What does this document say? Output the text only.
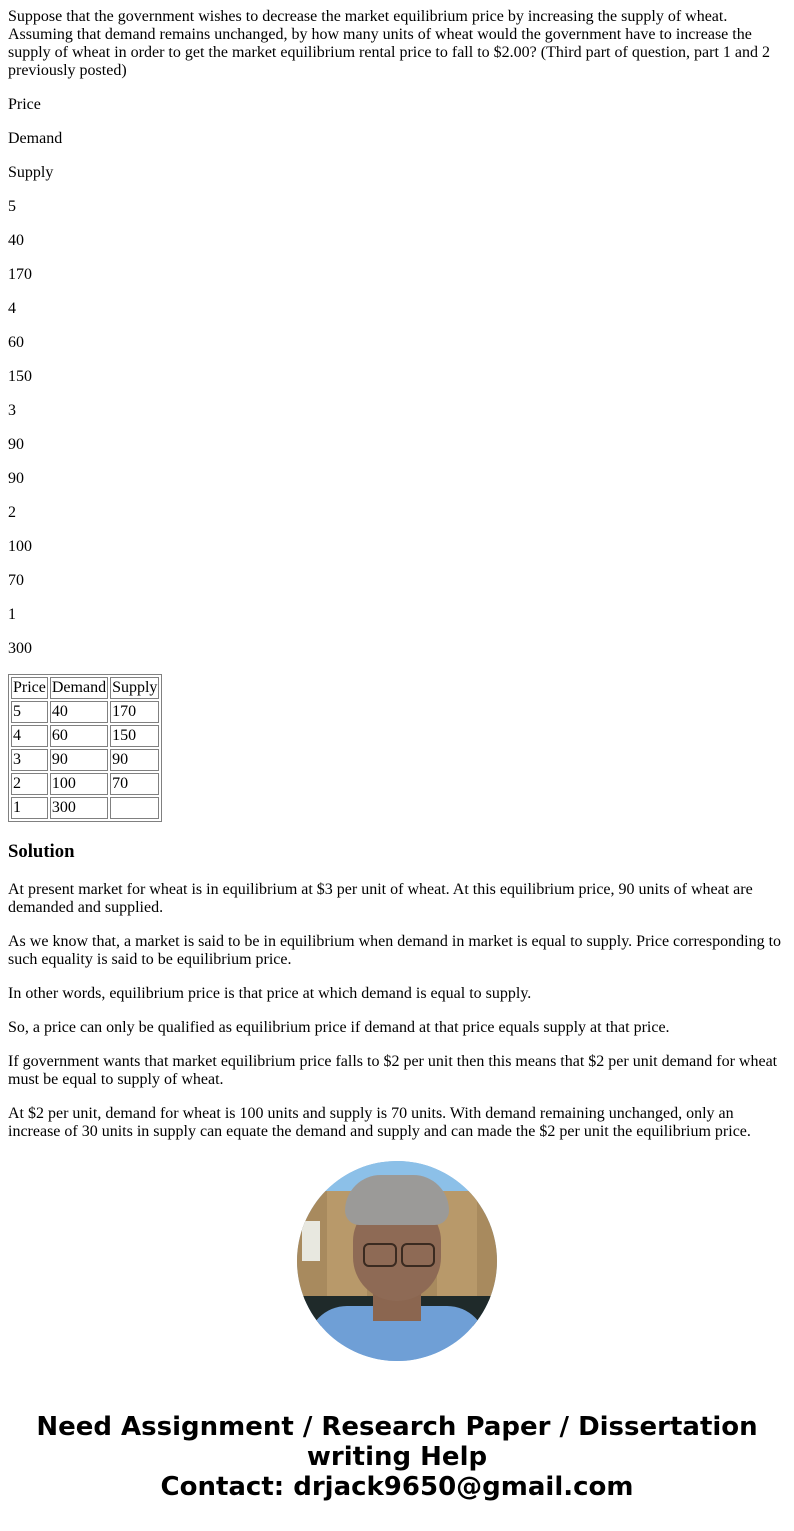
Suppose that the government wishes to decrease the market equilibrium price by increasing the supply of wheat. Assuming that demand remains unchanged, by how many units of wheat would the government have to increase the supply of wheat in order to get the market equilibrium rental price to fall to $2.00? (Third part of question, part 1 and 2 previously posted)

Price

Demand

Supply

5

40

170

4

60

150

3

90

90

2

100

70

1

300

Price	Demand	Supply
5	40	170
4	60	150
3	90	90
2	100	70
1	300	
Solution

At present market for wheat is in equilibrium at $3 per unit of wheat. At this equilibrium price, 90 units of wheat are demanded and supplied.

As we know that, a market is said to be in equilibrium when demand in market is equal to supply. Price corresponding to such equality is said to be equilibrium price.

In other words, equilibrium price is that price at which demand is equal to supply.

So, a price can only be qualified as equilibrium price if demand at that price equals supply at that price.

If government wants that market equilibrium price falls to $2 per unit then this means that $2 per unit demand for wheat must be equal to supply of wheat.

At $2 per unit, demand for wheat is 100 units and supply is 70 units. With demand remaining unchanged, only an increase of 30 units in supply can equate the demand and supply and can made the $2 per unit the equilibrium price.

Need Assignment / Research Paper / Dissertation
writing Help
Contact: drjack9650@gmail.com
